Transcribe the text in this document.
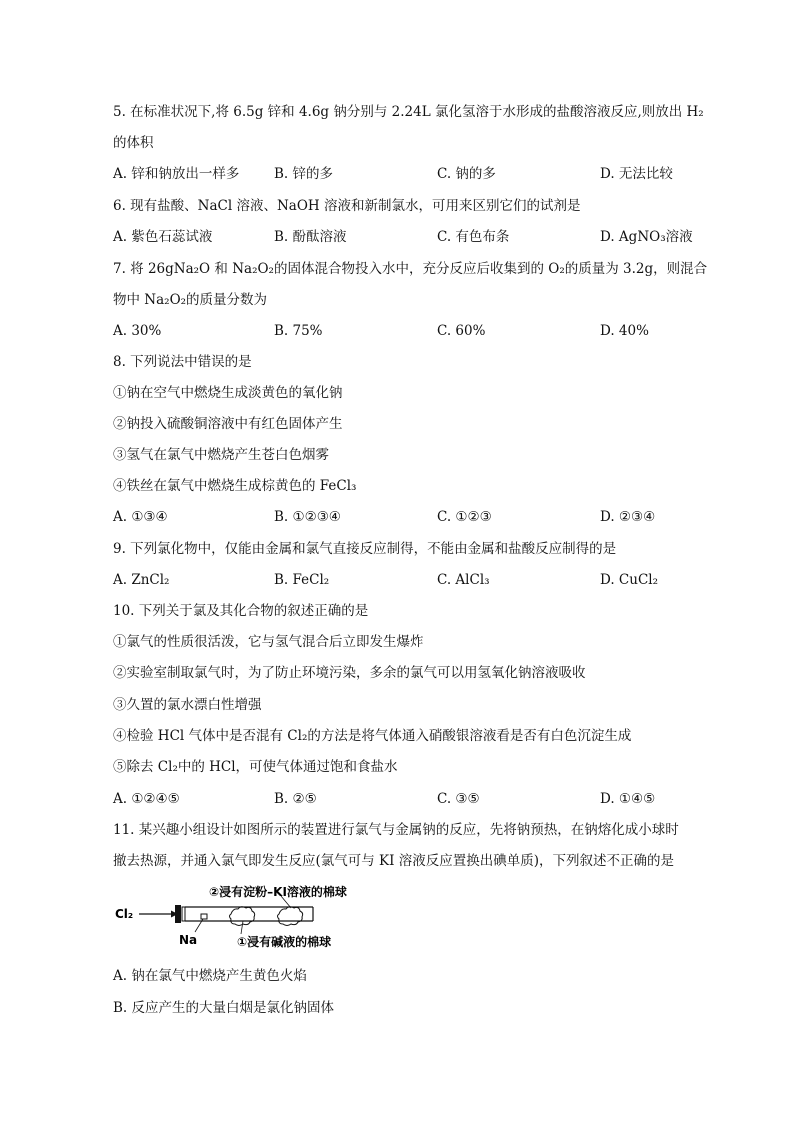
5. 在标准状况下,将 6.5g 锌和 4.6g 钠分别与 2.24L 氯化氢溶于水形成的盐酸溶液反应,则放出 H₂
的体积
A. 锌和钠放出一样多	B. 锌的多	C. 钠的多	D. 无法比较
6. 现有盐酸、NaCl 溶液、NaOH 溶液和新制氯水，可用来区别它们的试剂是
A. 紫色石蕊试液	B. 酚酞溶液	C. 有色布条	D. AgNO₃溶液
7. 将 26gNa₂O 和 Na₂O₂的固体混合物投入水中，充分反应后收集到的 O₂的质量为 3.2g，则混合
物中 Na₂O₂的质量分数为
A. 30%	B. 75%	C. 60%	D. 40%
8. 下列说法中错误的是
①钠在空气中燃烧生成淡黄色的氧化钠
②钠投入硫酸铜溶液中有红色固体产生
③氢气在氯气中燃烧产生苍白色烟雾
④铁丝在氯气中燃烧生成棕黄色的 FeCl₃
A. ①③④	B. ①②③④	C. ①②③	D. ②③④
9. 下列氯化物中，仅能由金属和氯气直接反应制得，不能由金属和盐酸反应制得的是
A. ZnCl₂	B. FeCl₂	C. AlCl₃	D. CuCl₂
10. 下列关于氯及其化合物的叙述正确的是
①氯气的性质很活泼，它与氢气混合后立即发生爆炸
②实验室制取氯气时，为了防止环境污染，多余的氯气可以用氢氧化钠溶液吸收
③久置的氯水漂白性增强
④检验 HCl 气体中是否混有 Cl₂的方法是将气体通入硝酸银溶液看是否有白色沉淀生成
⑤除去 Cl₂中的 HCl，可使气体通过饱和食盐水
A. ①②④⑤	B. ②⑤	C. ③⑤	D. ①④⑤
11. 某兴趣小组设计如图所示的装置进行氯气与金属钠的反应，先将钠预热，在钠熔化成小球时
撤去热源，并通入氯气即发生反应(氯气可与 KI 溶液反应置换出碘单质)，下列叙述不正确的是
Cl₂
Na
②浸有淀粉–KI溶液的棉球
①浸有碱液的棉球
A. 钠在氯气中燃烧产生黄色火焰
B. 反应产生的大量白烟是氯化钠固体
